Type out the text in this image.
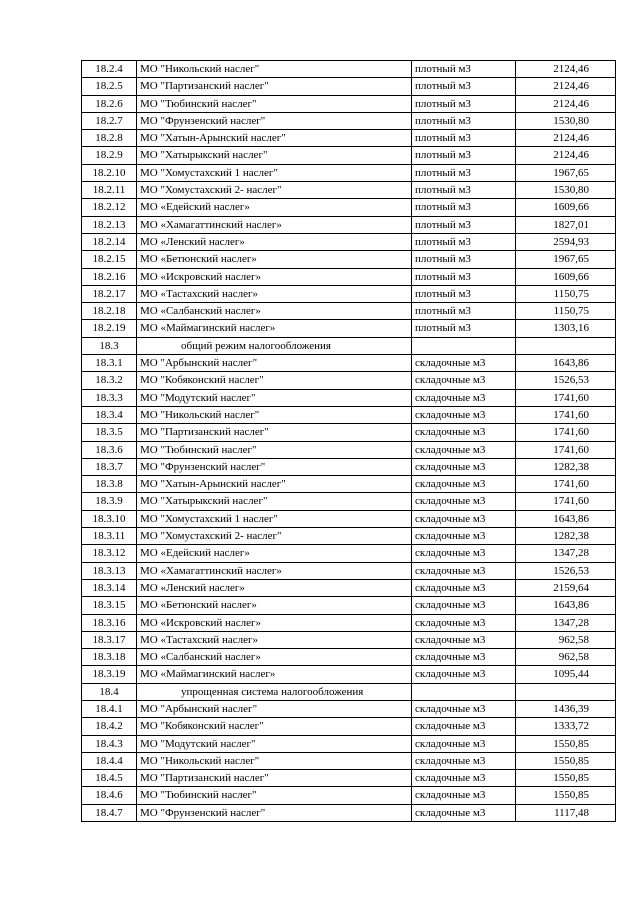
18.2.4	МО "Никольский наслег"	плотный м3	2124,46
18.2.5	МО "Партизанский наслег"	плотный м3	2124,46
18.2.6	МО "Тюбинский наслег"	плотный м3	2124,46
18.2.7	МО "Фрунзенский наслег"	плотный м3	1530,80
18.2.8	МО "Хатын-Арынский наслег"	плотный м3	2124,46
18.2.9	МО "Хатырыкский наслег"	плотный м3	2124,46
18.2.10	МО "Хомустахский 1 наслег"	плотный м3	1967,65
18.2.11	МО "Хомустахский 2- наслег"	плотный м3	1530,80
18.2.12	МО «Едейский наслег»	плотный м3	1609,66
18.2.13	МО «Хамагаттинский наслег»	плотный м3	1827,01
18.2.14	МО «Ленский наслег»	плотный м3	2594,93
18.2.15	МО «Бетюнский наслег»	плотный м3	1967,65
18.2.16	МО «Искровский наслег»	плотный м3	1609,66
18.2.17	МО «Тастахский наслег»	плотный м3	1150,75
18.2.18	МО «Салбанский наслег»	плотный м3	1150,75
18.2.19	МО «Маймагинский наслег»	плотный м3	1303,16
18.3	общий режим налогообложения		
18.3.1	МО "Арбынский наслег"	складочные м3	1643,86
18.3.2	МО "Кобяконский наслег"	складочные м3	1526,53
18.3.3	МО "Модутский наслег"	складочные м3	1741,60
18.3.4	МО "Никольский наслег"	складочные м3	1741,60
18.3.5	МО "Партизанский наслег"	складочные м3	1741,60
18.3.6	МО "Тюбинский наслег"	складочные м3	1741,60
18.3.7	МО "Фрунзенский наслег"	складочные м3	1282,38
18.3.8	МО "Хатын-Арынский наслег"	складочные м3	1741,60
18.3.9	МО "Хатырыкский наслег"	складочные м3	1741,60
18.3.10	МО "Хомустахский 1 наслег"	складочные м3	1643,86
18.3.11	МО "Хомустахский 2- наслег"	складочные м3	1282,38
18.3.12	МО «Едейский наслег»	складочные м3	1347,28
18.3.13	МО «Хамагаттинский наслег»	складочные м3	1526,53
18.3.14	МО «Ленский наслег»	складочные м3	2159,64
18.3.15	МО «Бетюнский наслег»	складочные м3	1643,86
18.3.16	МО «Искровский наслег»	складочные м3	1347,28
18.3.17	МО «Тастахский наслег»	складочные м3	962,58
18.3.18	МО «Салбанский наслег»	складочные м3	962,58
18.3.19	МО «Маймагинский наслег»	складочные м3	1095,44
18.4	упрощенная система налогообложения		
18.4.1	МО "Арбынский наслег"	складочные м3	1436,39
18.4.2	МО "Кобяконский наслег"	складочные м3	1333,72
18.4.3	МО "Модутский наслег"	складочные м3	1550,85
18.4.4	МО "Никольский наслег"	складочные м3	1550,85
18.4.5	МО "Партизанский наслег"	складочные м3	1550,85
18.4.6	МО "Тюбинский наслег"	складочные м3	1550,85
18.4.7	МО "Фрунзенский наслег"	складочные м3	1117,48
